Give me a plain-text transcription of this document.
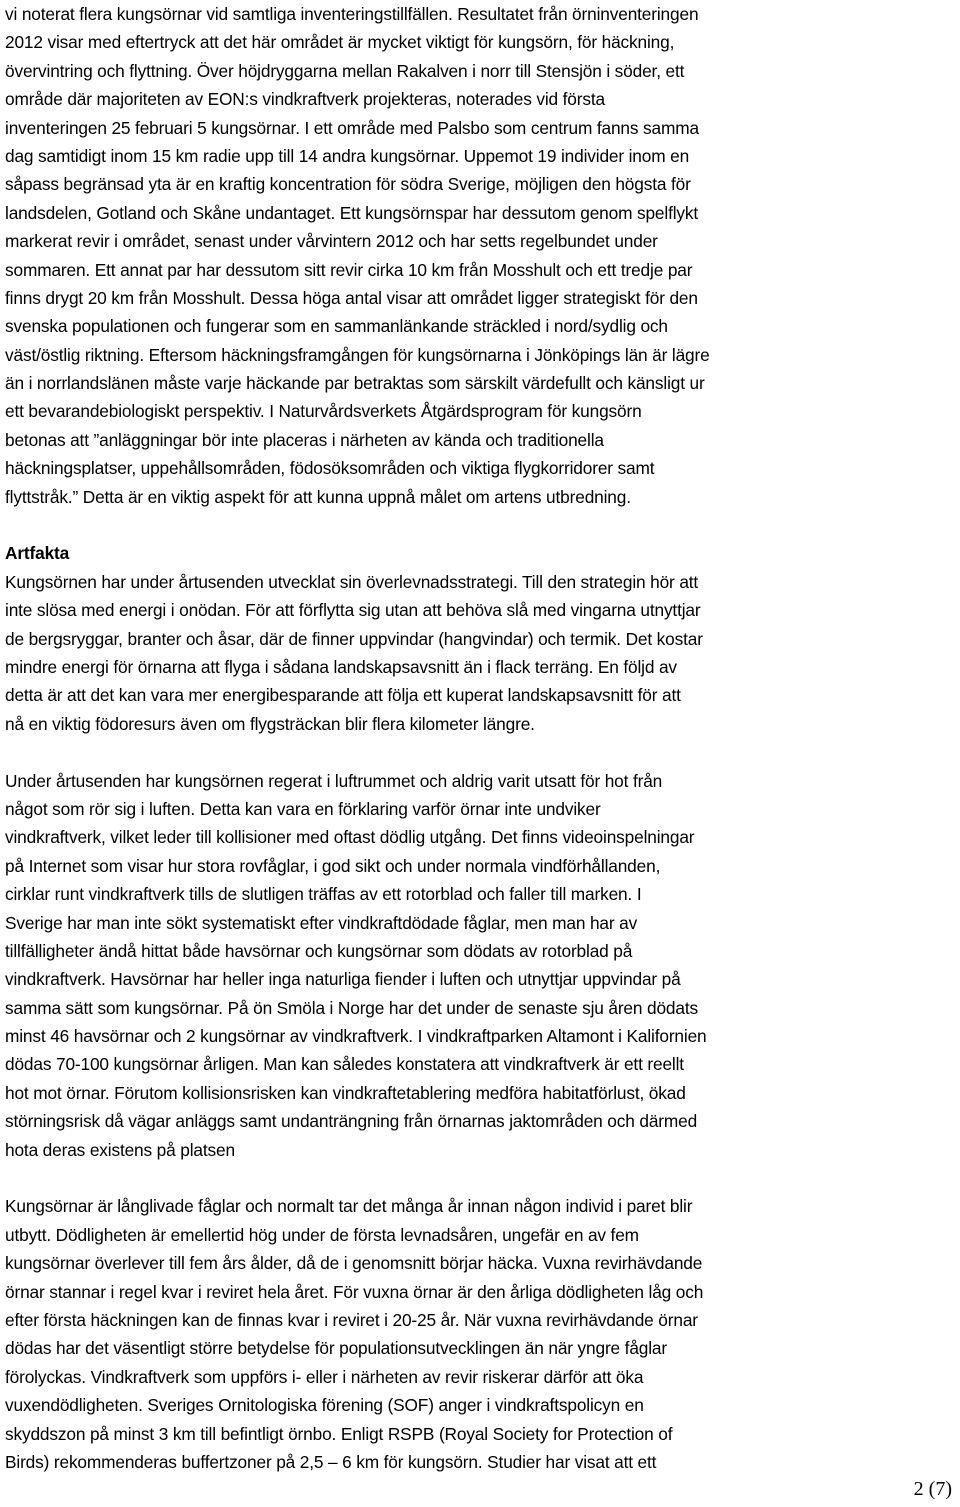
vi noterat flera kungsörnar vid samtliga inventeringstillfällen. Resultatet från örninventeringen
2012 visar med eftertryck att det här området är mycket viktigt för kungsörn, för häckning,
övervintring och flyttning. Över höjdryggarna mellan Rakalven i norr till Stensjön i söder, ett
område där majoriteten av EON:s vindkraftverk projekteras, noterades vid första
inventeringen 25 februari 5 kungsörnar. I ett område med Palsbo som centrum fanns samma
dag samtidigt inom 15 km radie upp till 14 andra kungsörnar. Uppemot 19 individer inom en
såpass begränsad yta är en kraftig koncentration för södra Sverige, möjligen den högsta för
landsdelen, Gotland och Skåne undantaget. Ett kungsörnspar har dessutom genom spelflykt
markerat revir i området, senast under vårvintern 2012 och har setts regelbundet under
sommaren. Ett annat par har dessutom sitt revir cirka 10 km från Mosshult och ett tredje par
finns drygt 20 km från Mosshult. Dessa höga antal visar att området ligger strategiskt för den
svenska populationen och fungerar som en sammanlänkande sträckled i nord/sydlig och
väst/östlig riktning. Eftersom häckningsframgången för kungsörnarna i Jönköpings län är lägre
än i norrlandslänen måste varje häckande par betraktas som särskilt värdefullt och känsligt ur
ett bevarandebiologiskt perspektiv. I Naturvårdsverkets Åtgärdsprogram för kungsörn
betonas att ”anläggningar bör inte placeras i närheten av kända och traditionella
häckningsplatser, uppehållsområden, födosöksområden och viktiga flygkorridorer samt
flyttstråk.” Detta är en viktig aspekt för att kunna uppnå målet om artens utbredning.
Artfakta
Kungsörnen har under årtusenden utvecklat sin överlevnadsstrategi. Till den strategin hör att
inte slösa med energi i onödan. För att förflytta sig utan att behöva slå med vingarna utnyttjar
de bergsryggar, branter och åsar, där de finner uppvindar (hangvindar) och termik. Det kostar
mindre energi för örnarna att flyga i sådana landskapsavsnitt än i flack terräng. En följd av
detta är att det kan vara mer energibesparande att följa ett kuperat landskapsavsnitt för att
nå en viktig födoresurs även om flygsträckan blir flera kilometer längre.
Under årtusenden har kungsörnen regerat i luftrummet och aldrig varit utsatt för hot från
något som rör sig i luften. Detta kan vara en förklaring varför örnar inte undviker
vindkraftverk, vilket leder till kollisioner med oftast dödlig utgång. Det finns videoinspelningar
på Internet som visar hur stora rovfåglar, i god sikt och under normala vindförhållanden,
cirklar runt vindkraftverk tills de slutligen träffas av ett rotorblad och faller till marken. I
Sverige har man inte sökt systematiskt efter vindkraftdödade fåglar, men man har av
tillfälligheter ändå hittat både havsörnar och kungsörnar som dödats av rotorblad på
vindkraftverk. Havsörnar har heller inga naturliga fiender i luften och utnyttjar uppvindar på
samma sätt som kungsörnar. På ön Smöla i Norge har det under de senaste sju åren dödats
minst 46 havsörnar och 2 kungsörnar av vindkraftverk. I vindkraftparken Altamont i Kalifornien
dödas 70-100 kungsörnar årligen. Man kan således konstatera att vindkraftverk är ett reellt
hot mot örnar. Förutom kollisionsrisken kan vindkraftetablering medföra habitatförlust, ökad
störningsrisk då vägar anläggs samt undanträngning från örnarnas jaktområden och därmed
hota deras existens på platsen
Kungsörnar är långlivade fåglar och normalt tar det många år innan någon individ i paret blir
utbytt. Dödligheten är emellertid hög under de första levnadsåren, ungefär en av fem
kungsörnar överlever till fem års ålder, då de i genomsnitt börjar häcka. Vuxna revirhävdande
örnar stannar i regel kvar i reviret hela året. För vuxna örnar är den årliga dödligheten låg och
efter första häckningen kan de finnas kvar i reviret i 20-25 år. När vuxna revirhävdande örnar
dödas har det väsentligt större betydelse för populationsutvecklingen än när yngre fåglar
förolyckas. Vindkraftverk som uppförs i- eller i närheten av revir riskerar därför att öka
vuxendödligheten. Sveriges Ornitologiska förening (SOF) anger i vindkraftspolicyn en
skyddszon på minst 3 km till befintligt örnbo. Enligt RSPB (Royal Society for Protection of
Birds) rekommenderas buffertzoner på 2,5 – 6 km för kungsörn. Studier har visat att ett
2 (7)
